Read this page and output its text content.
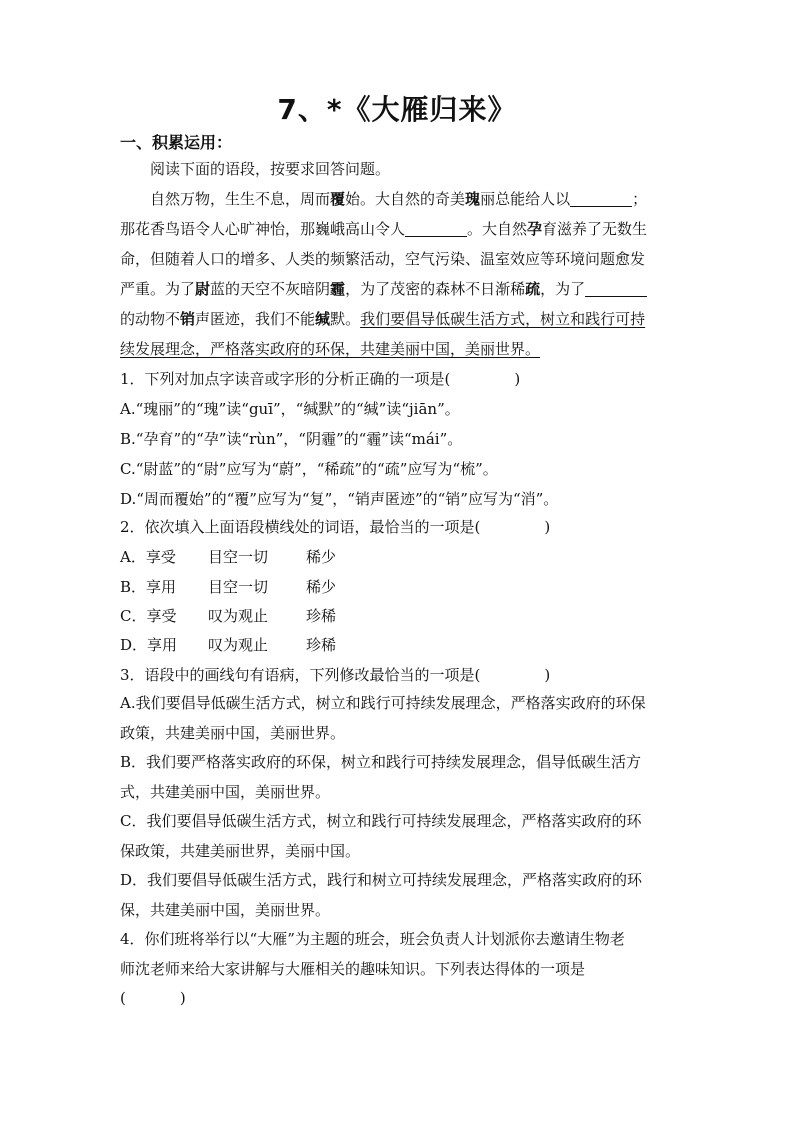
7、*《大雁归来》
一、积累运用：
阅读下面的语段，按要求回答问题。
自然万物，生生不息，周而覆始。大自然的奇美瑰丽总能给人以	；
那花香鸟语令人心旷神怡，那巍峨高山令人	。大自然孕育滋养了无数生
命，但随着人口的增多、人类的频繁活动，空气污染、温室效应等环境问题愈发
严重。为了尉蓝的天空不灰暗阴霾，为了茂密的森林不日渐稀疏，为了
的动物不销声匿迹，我们不能缄默。我们要倡导低碳生活方式，树立和践行可持
续发展理念，严格落实政府的环保，共建美丽中国，美丽世界。
1．下列对加点字读音或字形的分析正确的一项是(	)
A.“瑰丽”的“瑰”读“guī”，“缄默”的“缄”读“jiān”。
B.“孕育”的“孕”读“rùn”，“阴霾”的“霾”读“mái”。
C.“尉蓝”的“尉”应写为“蔚”，“稀疏”的“疏”应写为“梳”。
D.“周而覆始”的“覆”应写为“复”，“销声匿迹”的“销”应写为“消”。
2．依次填入上面语段横线处的词语，最恰当的一项是(	)
A．享受 目空一切	稀少
B．享用 目空一切	稀少
C．享受 叹为观止	珍稀
D．享用 叹为观止	珍稀
3．语段中的画线句有语病，下列修改最恰当的一项是(	)
A.我们要倡导低碳生活方式，树立和践行可持续发展理念，严格落实政府的环保
政策，共建美丽中国，美丽世界。
B．我们要严格落实政府的环保，树立和践行可持续发展理念，倡导低碳生活方
式，共建美丽中国，美丽世界。
C．我们要倡导低碳生活方式，树立和践行可持续发展理念，严格落实政府的环
保政策，共建美丽世界，美丽中国。
D．我们要倡导低碳生活方式，践行和树立可持续发展理念，严格落实政府的环
保，共建美丽中国，美丽世界。
4．你们班将举行以“大雁”为主题的班会，班会负责人计划派你去邀请生物老
师沈老师来给大家讲解与大雁相关的趣味知识。下列表达得体的一项是
(	)
